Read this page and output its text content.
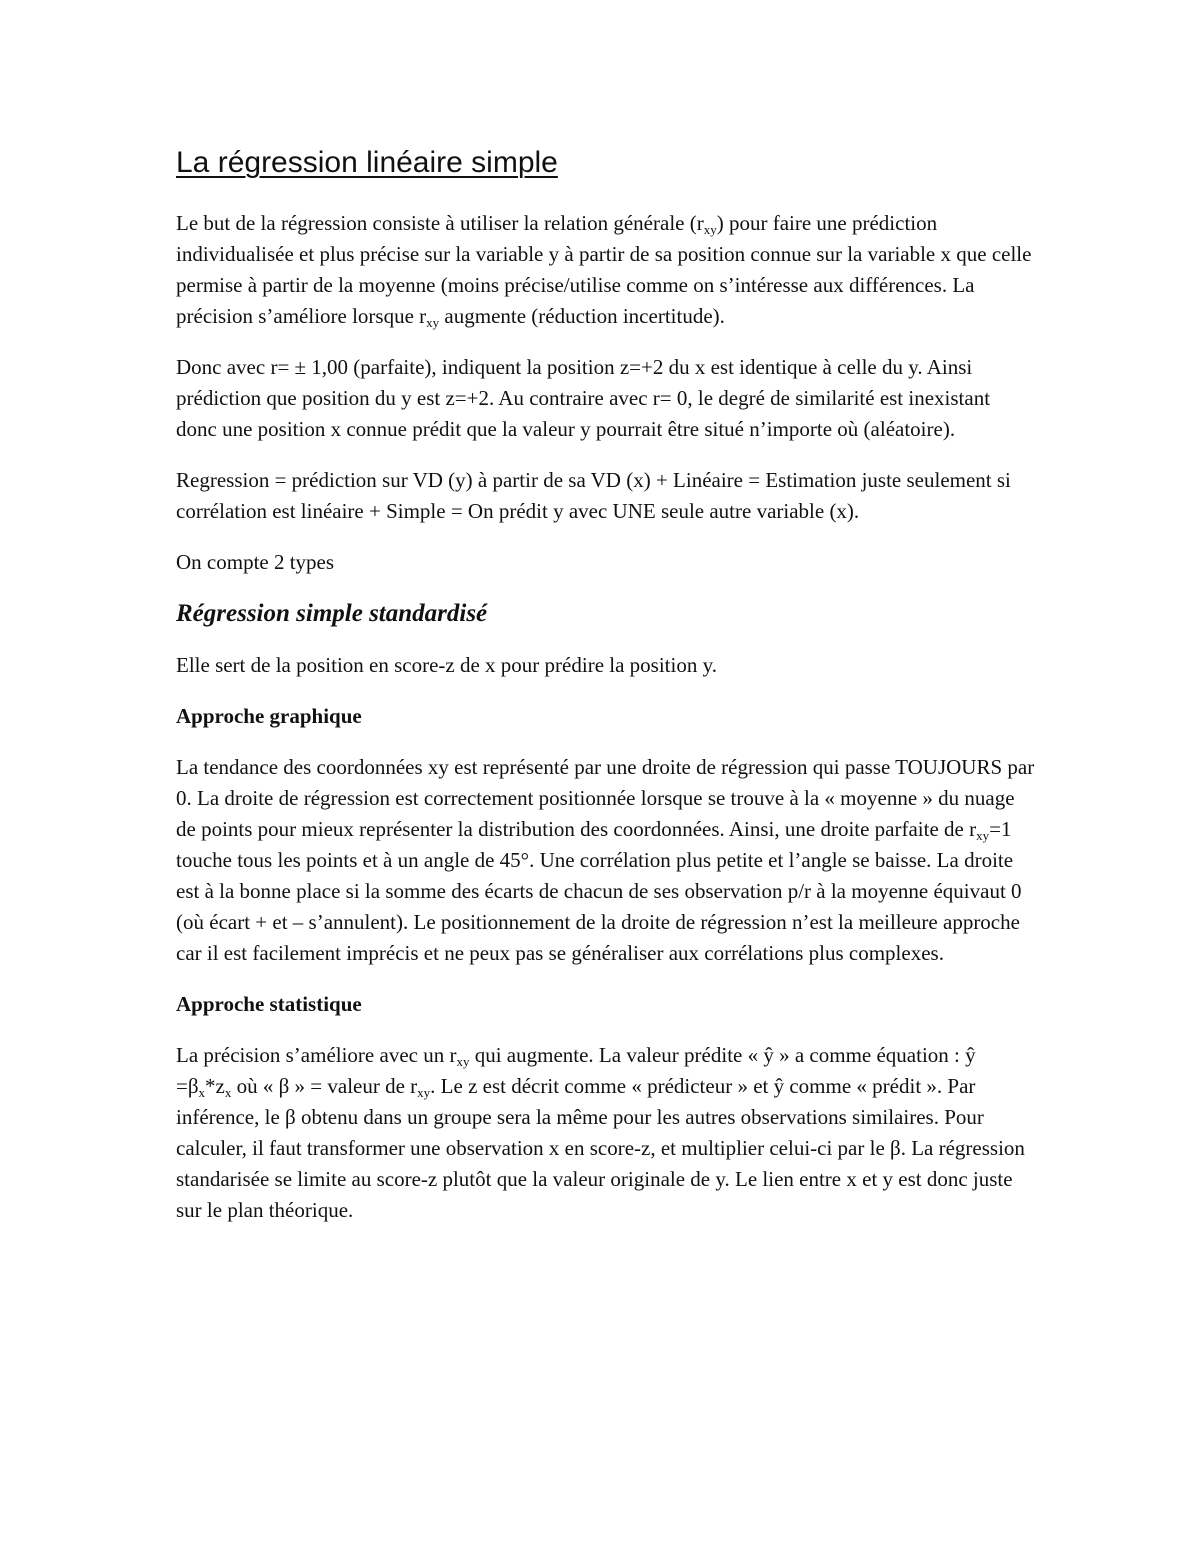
La régression linéaire simple

Le but de la régression consiste à utiliser la relation générale $(r_{xy})$ pour faire une prédiction individualisée et plus précise sur la variable y à partir de sa position connue sur la variable x que celle permise à partir de la moyenne (moins précise/utilise comme on s’intéresse aux différences. La précision s’améliore lorsque $r_{xy}$ augmente (réduction incertitude).

Donc avec r= ± 1,00 (parfaite), indiquent la position z=+2 du x est identique à celle du y. Ainsi prédiction que position du y est z=+2. Au contraire avec r= 0, le degré de similarité est inexistant donc une position x connue prédit que la valeur y pourrait être situé n’importe où (aléatoire).

Regression = prédiction sur VD (y) à partir de sa VD (x) + Linéaire = Estimation juste seulement si corrélation est linéaire + Simple = On prédit y avec UNE seule autre variable (x).

On compte 2 types

Régression simple standardisé

Elle sert de la position en score-z de x pour prédire la position y.

Approche graphique

La tendance des coordonnées xy est représenté par une droite de régression qui passe TOUJOURS par 0. La droite de régression est correctement positionnée lorsque se trouve à la « moyenne » du nuage de points pour mieux représenter la distribution des coordonnées. Ainsi, une droite parfaite de $r_{xy}=1$ touche tous les points et à un angle de 45°. Une corrélation plus petite et l’angle se baisse. La droite est à la bonne place si la somme des écarts de chacun de ses observation p/r à la moyenne équivaut 0 (où écart + et – s’annulent). Le positionnement de la droite de régression n’est la meilleure approche car il est facilement imprécis et ne peux pas se généraliser aux corrélations plus complexes.

Approche statistique

La précision s’améliore avec un $r_{xy}$ qui augmente. La valeur prédite « ŷ » a comme équation : ŷ $=\beta_x*z_x$ où « β » = valeur de $r_{xy}$. Le z est décrit comme « prédicteur » et ŷ comme « prédit ». Par inférence, le β obtenu dans un groupe sera la même pour les autres observations similaires. Pour calculer, il faut transformer une observation x en score-z, et multiplier celui-ci par le β. La régression standarisée se limite au score-z plutôt que la valeur originale de y. Le lien entre x et y est donc juste sur le plan théorique.
